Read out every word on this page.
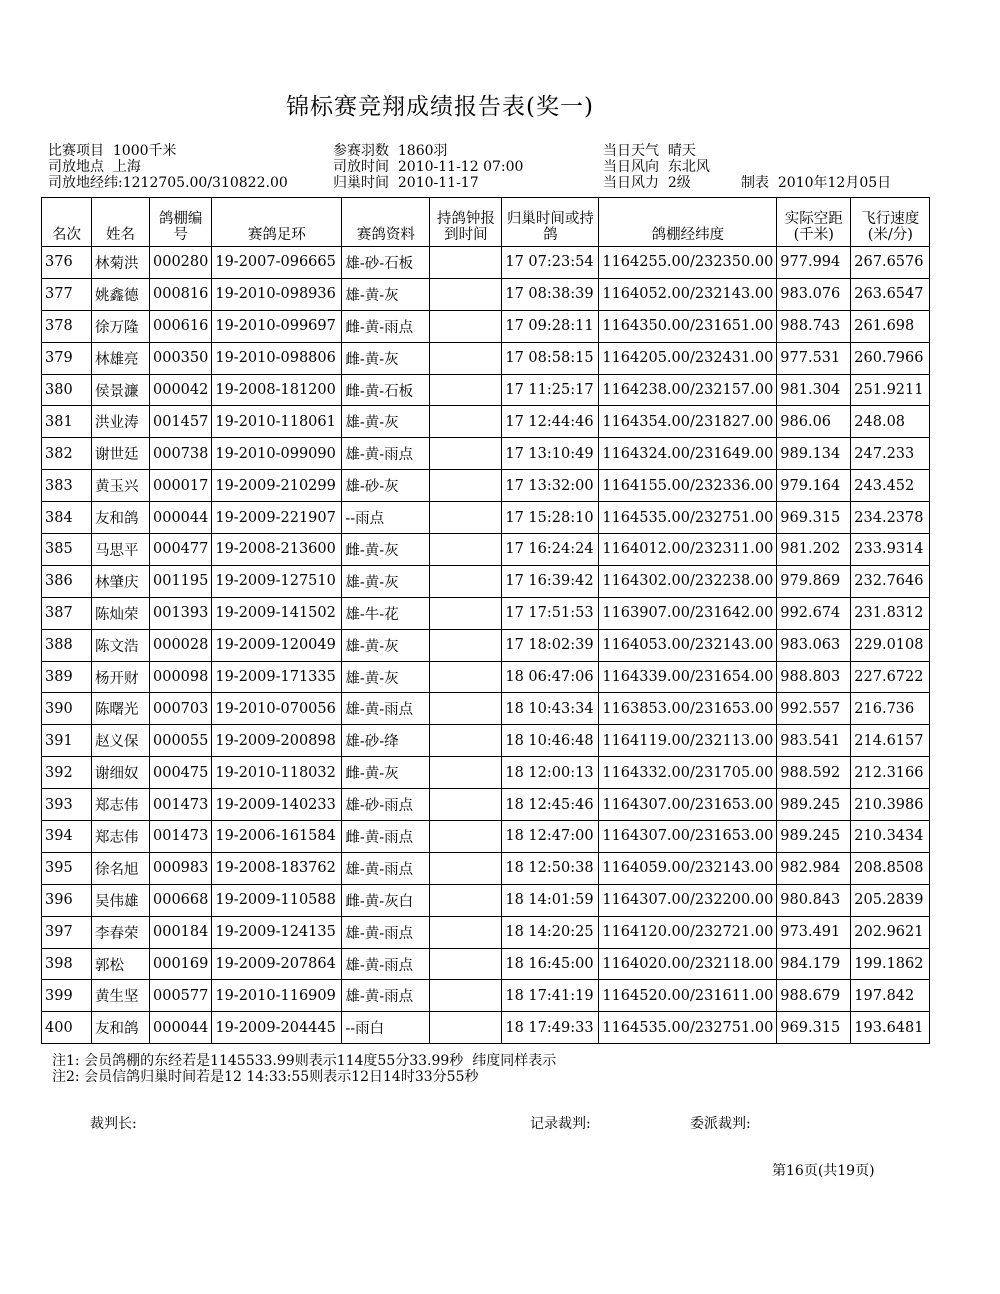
锦标赛竞翔成绩报告表(奖一)
比赛项目  1000千米
司放地点  上海
司放地经纬:1212705.00/310822.00
参赛羽数  1860羽
司放时间  2010-11-12 07:00
归巢时间  2010-11-17
当日天气  晴天
当日风向  东北风
当日风力  2级	制表  2010年12月05日
名次	姓名	鸽棚编号	赛鸽足环	赛鸽资料	持鸽钟报到时间	归巢时间或持鸽	鸽棚经纬度	实际空距(千米)	飞行速度(米/分)
376	林菊洪	000280	19-2007-096665	雄-砂-石板		17 07:23:54	1164255.00/232350.00	977.994	267.6576
377	姚鑫德	000816	19-2010-098936	雄-黄-灰		17 08:38:39	1164052.00/232143.00	983.076	263.6547
378	徐万隆	000616	19-2010-099697	雌-黄-雨点		17 09:28:11	1164350.00/231651.00	988.743	261.698
379	林雄亮	000350	19-2010-098806	雌-黄-灰		17 08:58:15	1164205.00/232431.00	977.531	260.7966
380	侯景濂	000042	19-2008-181200	雌-黄-石板		17 11:25:17	1164238.00/232157.00	981.304	251.9211
381	洪业涛	001457	19-2010-118061	雄-黄-灰		17 12:44:46	1164354.00/231827.00	986.06	248.08
382	谢世廷	000738	19-2010-099090	雄-黄-雨点		17 13:10:49	1164324.00/231649.00	989.134	247.233
383	黄玉兴	000017	19-2009-210299	雄-砂-灰		17 13:32:00	1164155.00/232336.00	979.164	243.452
384	友和鸽	000044	19-2009-221907	--雨点		17 15:28:10	1164535.00/232751.00	969.315	234.2378
385	马思平	000477	19-2008-213600	雌-黄-灰		17 16:24:24	1164012.00/232311.00	981.202	233.9314
386	林肇庆	001195	19-2009-127510	雄-黄-灰		17 16:39:42	1164302.00/232238.00	979.869	232.7646
387	陈灿荣	001393	19-2009-141502	雄-牛-花		17 17:51:53	1163907.00/231642.00	992.674	231.8312
388	陈文浩	000028	19-2009-120049	雄-黄-灰		17 18:02:39	1164053.00/232143.00	983.063	229.0108
389	杨开财	000098	19-2009-171335	雄-黄-灰		18 06:47:06	1164339.00/231654.00	988.803	227.6722
390	陈曙光	000703	19-2010-070056	雄-黄-雨点		18 10:43:34	1163853.00/231653.00	992.557	216.736
391	赵义保	000055	19-2009-200898	雄-砂-绛		18 10:46:48	1164119.00/232113.00	983.541	214.6157
392	谢细奴	000475	19-2010-118032	雌-黄-灰		18 12:00:13	1164332.00/231705.00	988.592	212.3166
393	郑志伟	001473	19-2009-140233	雄-砂-雨点		18 12:45:46	1164307.00/231653.00	989.245	210.3986
394	郑志伟	001473	19-2006-161584	雌-黄-雨点		18 12:47:00	1164307.00/231653.00	989.245	210.3434
395	徐名旭	000983	19-2008-183762	雄-黄-雨点		18 12:50:38	1164059.00/232143.00	982.984	208.8508
396	吴伟雄	000668	19-2009-110588	雌-黄-灰白		18 14:01:59	1164307.00/232200.00	980.843	205.2839
397	李春荣	000184	19-2009-124135	雄-黄-雨点		18 14:20:25	1164120.00/232721.00	973.491	202.9621
398	郭松	000169	19-2009-207864	雄-黄-雨点		18 16:45:00	1164020.00/232118.00	984.179	199.1862
399	黄生坚	000577	19-2010-116909	雄-黄-雨点		18 17:41:19	1164520.00/231611.00	988.679	197.842
400	友和鸽	000044	19-2009-204445	--雨白		18 17:49:33	1164535.00/232751.00	969.315	193.6481
注1: 会员鸽棚的东经若是1145533.99则表示114度55分33.99秒  纬度同样表示
注2: 会员信鸽归巢时间若是12 14:33:55则表示12日14时33分55秒
裁判长:	记录裁判:	委派裁判:
第16页(共19页)
